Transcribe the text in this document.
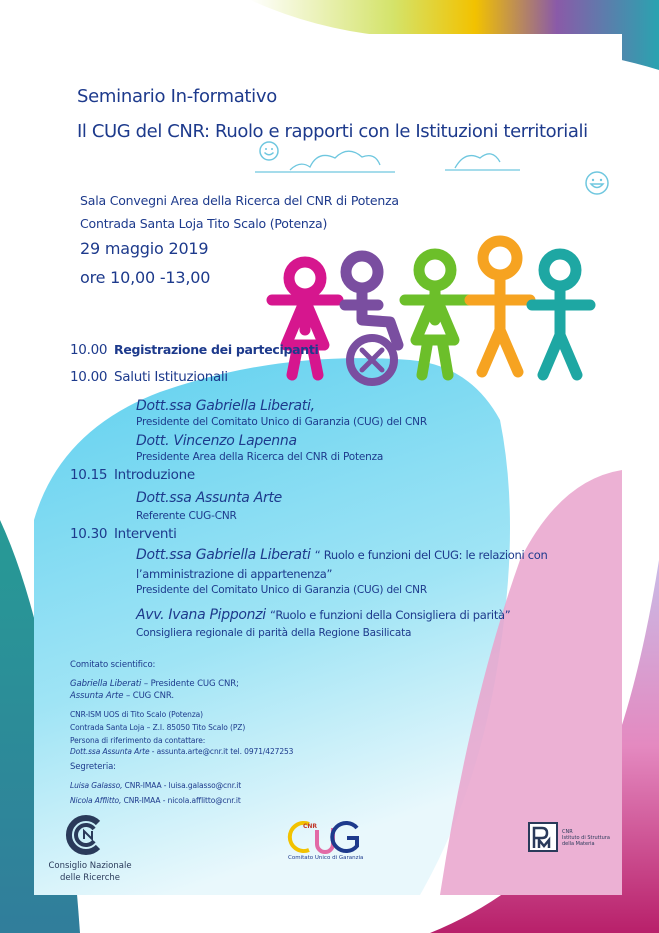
Seminario In-formativo
Il CUG del CNR: Ruolo e rapporti con le Istituzioni territoriali
Sala Convegni Area della Ricerca del CNR di Potenza
Contrada Santa Loja Tito Scalo (Potenza)
29 maggio 2019
ore 10,00 -13,00
10.00 Registrazione dei partecipanti
10.00 Saluti Istituzionali
Dott.ssa Gabriella Liberati,
Presidente del Comitato Unico di Garanzia (CUG) del CNR
Dott. Vincenzo Lapenna
Presidente Area della Ricerca del CNR di Potenza
10.15 Introduzione
Dott.ssa Assunta Arte
Referente CUG-CNR
10.30 Interventi
Dott.ssa Gabriella Liberati “ Ruolo e funzioni del CUG: le relazioni con
l’amministrazione di appartenenza”
Presidente del Comitato Unico di Garanzia (CUG) del CNR
Avv. Ivana Pipponzi “Ruolo e funzioni della Consigliera di parità”
Consigliera regionale di parità della Regione Basilicata
Comitato scientifico:
Gabriella Liberati – Presidente CUG CNR;
Assunta Arte – CUG CNR.
CNR-ISM UOS di Tito Scalo (Potenza)
Contrada Santa Loja – Z.I. 85050 Tito Scalo (PZ)
Persona di riferimento da contattare:
Dott.ssa Assunta Arte - assunta.arte@cnr.it tel. 0971/427253
Segreteria:
Luisa Galasso, CNR-IMAA - luisa.galasso@cnr.it
Nicola Afflitto, CNR-IMAA - nicola.afflitto@cnr.it
Consiglio Nazionale
delle Ricerche
CNR
Comitato Unico di Garanzia
CNR
Istituto di Struttura
della Materia
